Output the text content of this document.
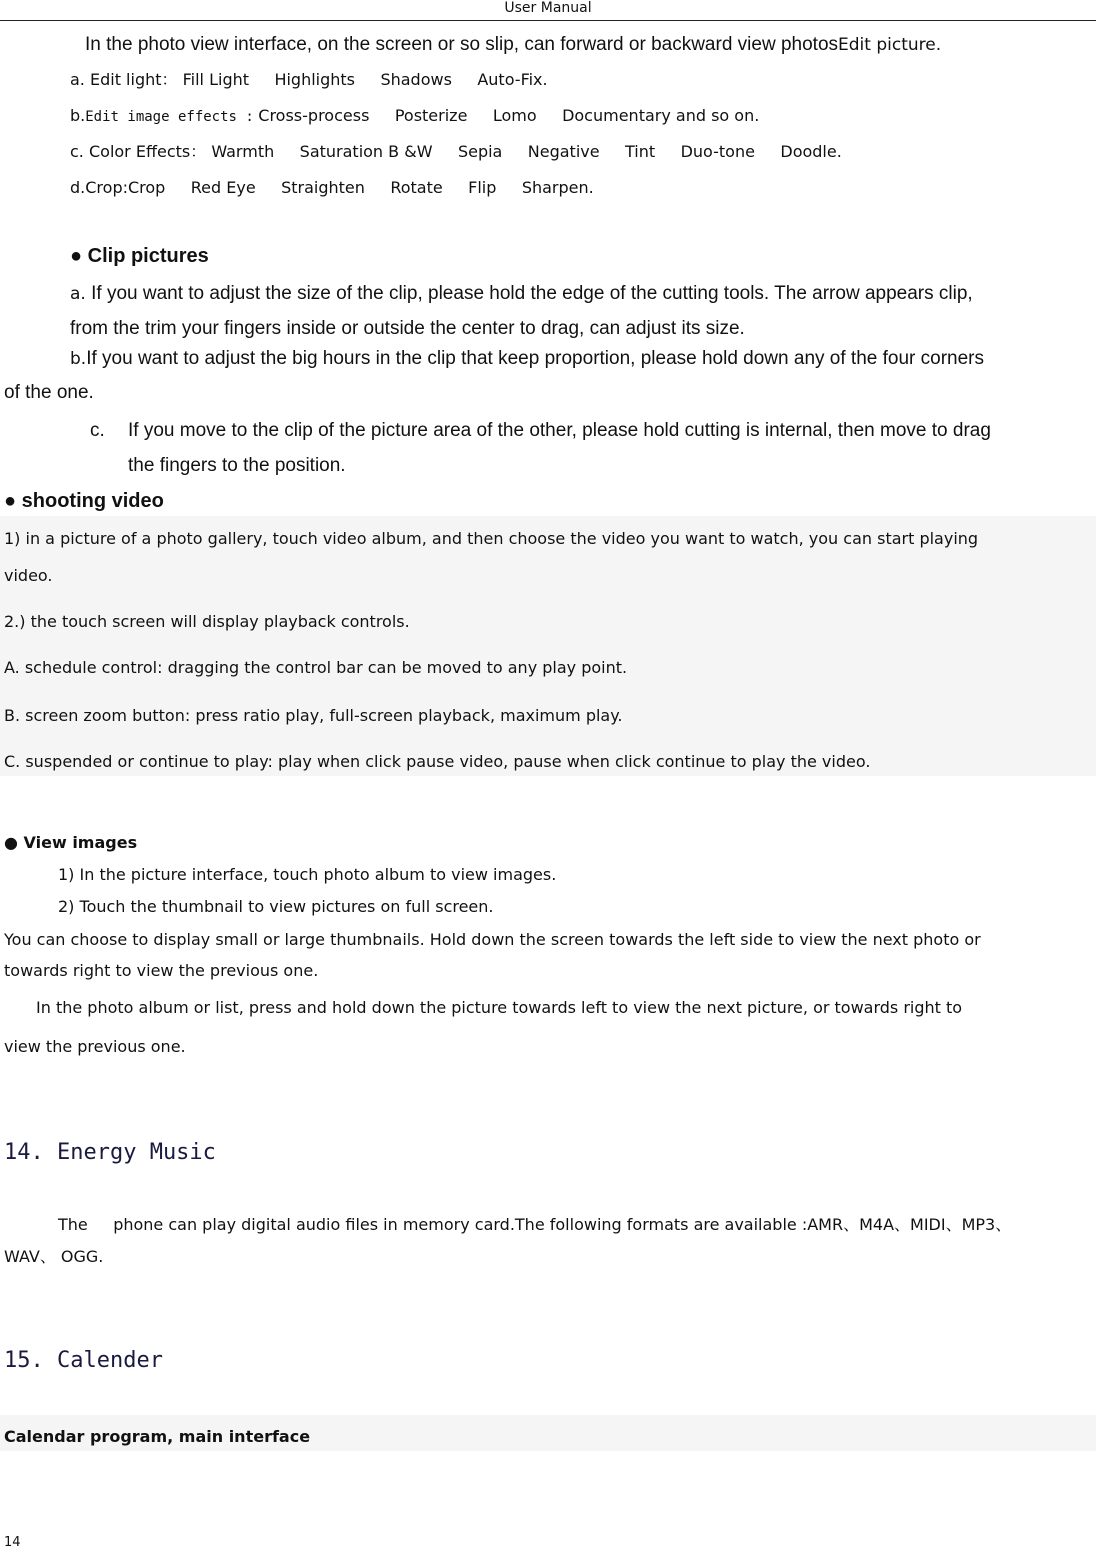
User Manual
In the photo view interface, on the screen or so slip, can forward or backward view photosEdit picture.
a. Edit light： Fill Light     Highlights     Shadows     Auto-Fix.
b.Edit image effects : Cross-process     Posterize     Lomo     Documentary and so on.
c. Color Effects： Warmth     Saturation B &W     Sepia     Negative     Tint     Duo-tone     Doodle.
d.Crop:Crop     Red Eye     Straighten     Rotate     Flip     Sharpen.
● Clip pictures
a. If you want to adjust the size of the clip, please hold the edge of the cutting tools. The arrow appears clip,
from the trim your fingers inside or outside the center to drag, can adjust its size.
b.If you want to adjust the big hours in the clip that keep proportion, please hold down any of the four corners
of the one.
c. If you move to the clip of the picture area of the other, please hold cutting is internal, then move to drag
the fingers to the position.
● shooting video
1) in a picture of a photo gallery, touch video album, and then choose the video you want to watch, you can start playing
video.
2.) the touch screen will display playback controls.
A. schedule control: dragging the control bar can be moved to any play point.
B. screen zoom button: press ratio play, full-screen playback, maximum play.
C. suspended or continue to play: play when click pause video, pause when click continue to play the video.
● View images
1) In the picture interface, touch photo album to view images.
2) Touch the thumbnail to view pictures on full screen.
You can choose to display small or large thumbnails. Hold down the screen towards the left side to view the next photo or
towards right to view the previous one.
In the photo album or list, press and hold down the picture towards left to view the next picture, or towards right to
view the previous one.
14. Energy Music
The     phone can play digital audio files in memory card.The following formats are available :AMR、M4A、MIDI、MP3、
WAV、 OGG.
15. Calender
Calendar program, main interface
14
